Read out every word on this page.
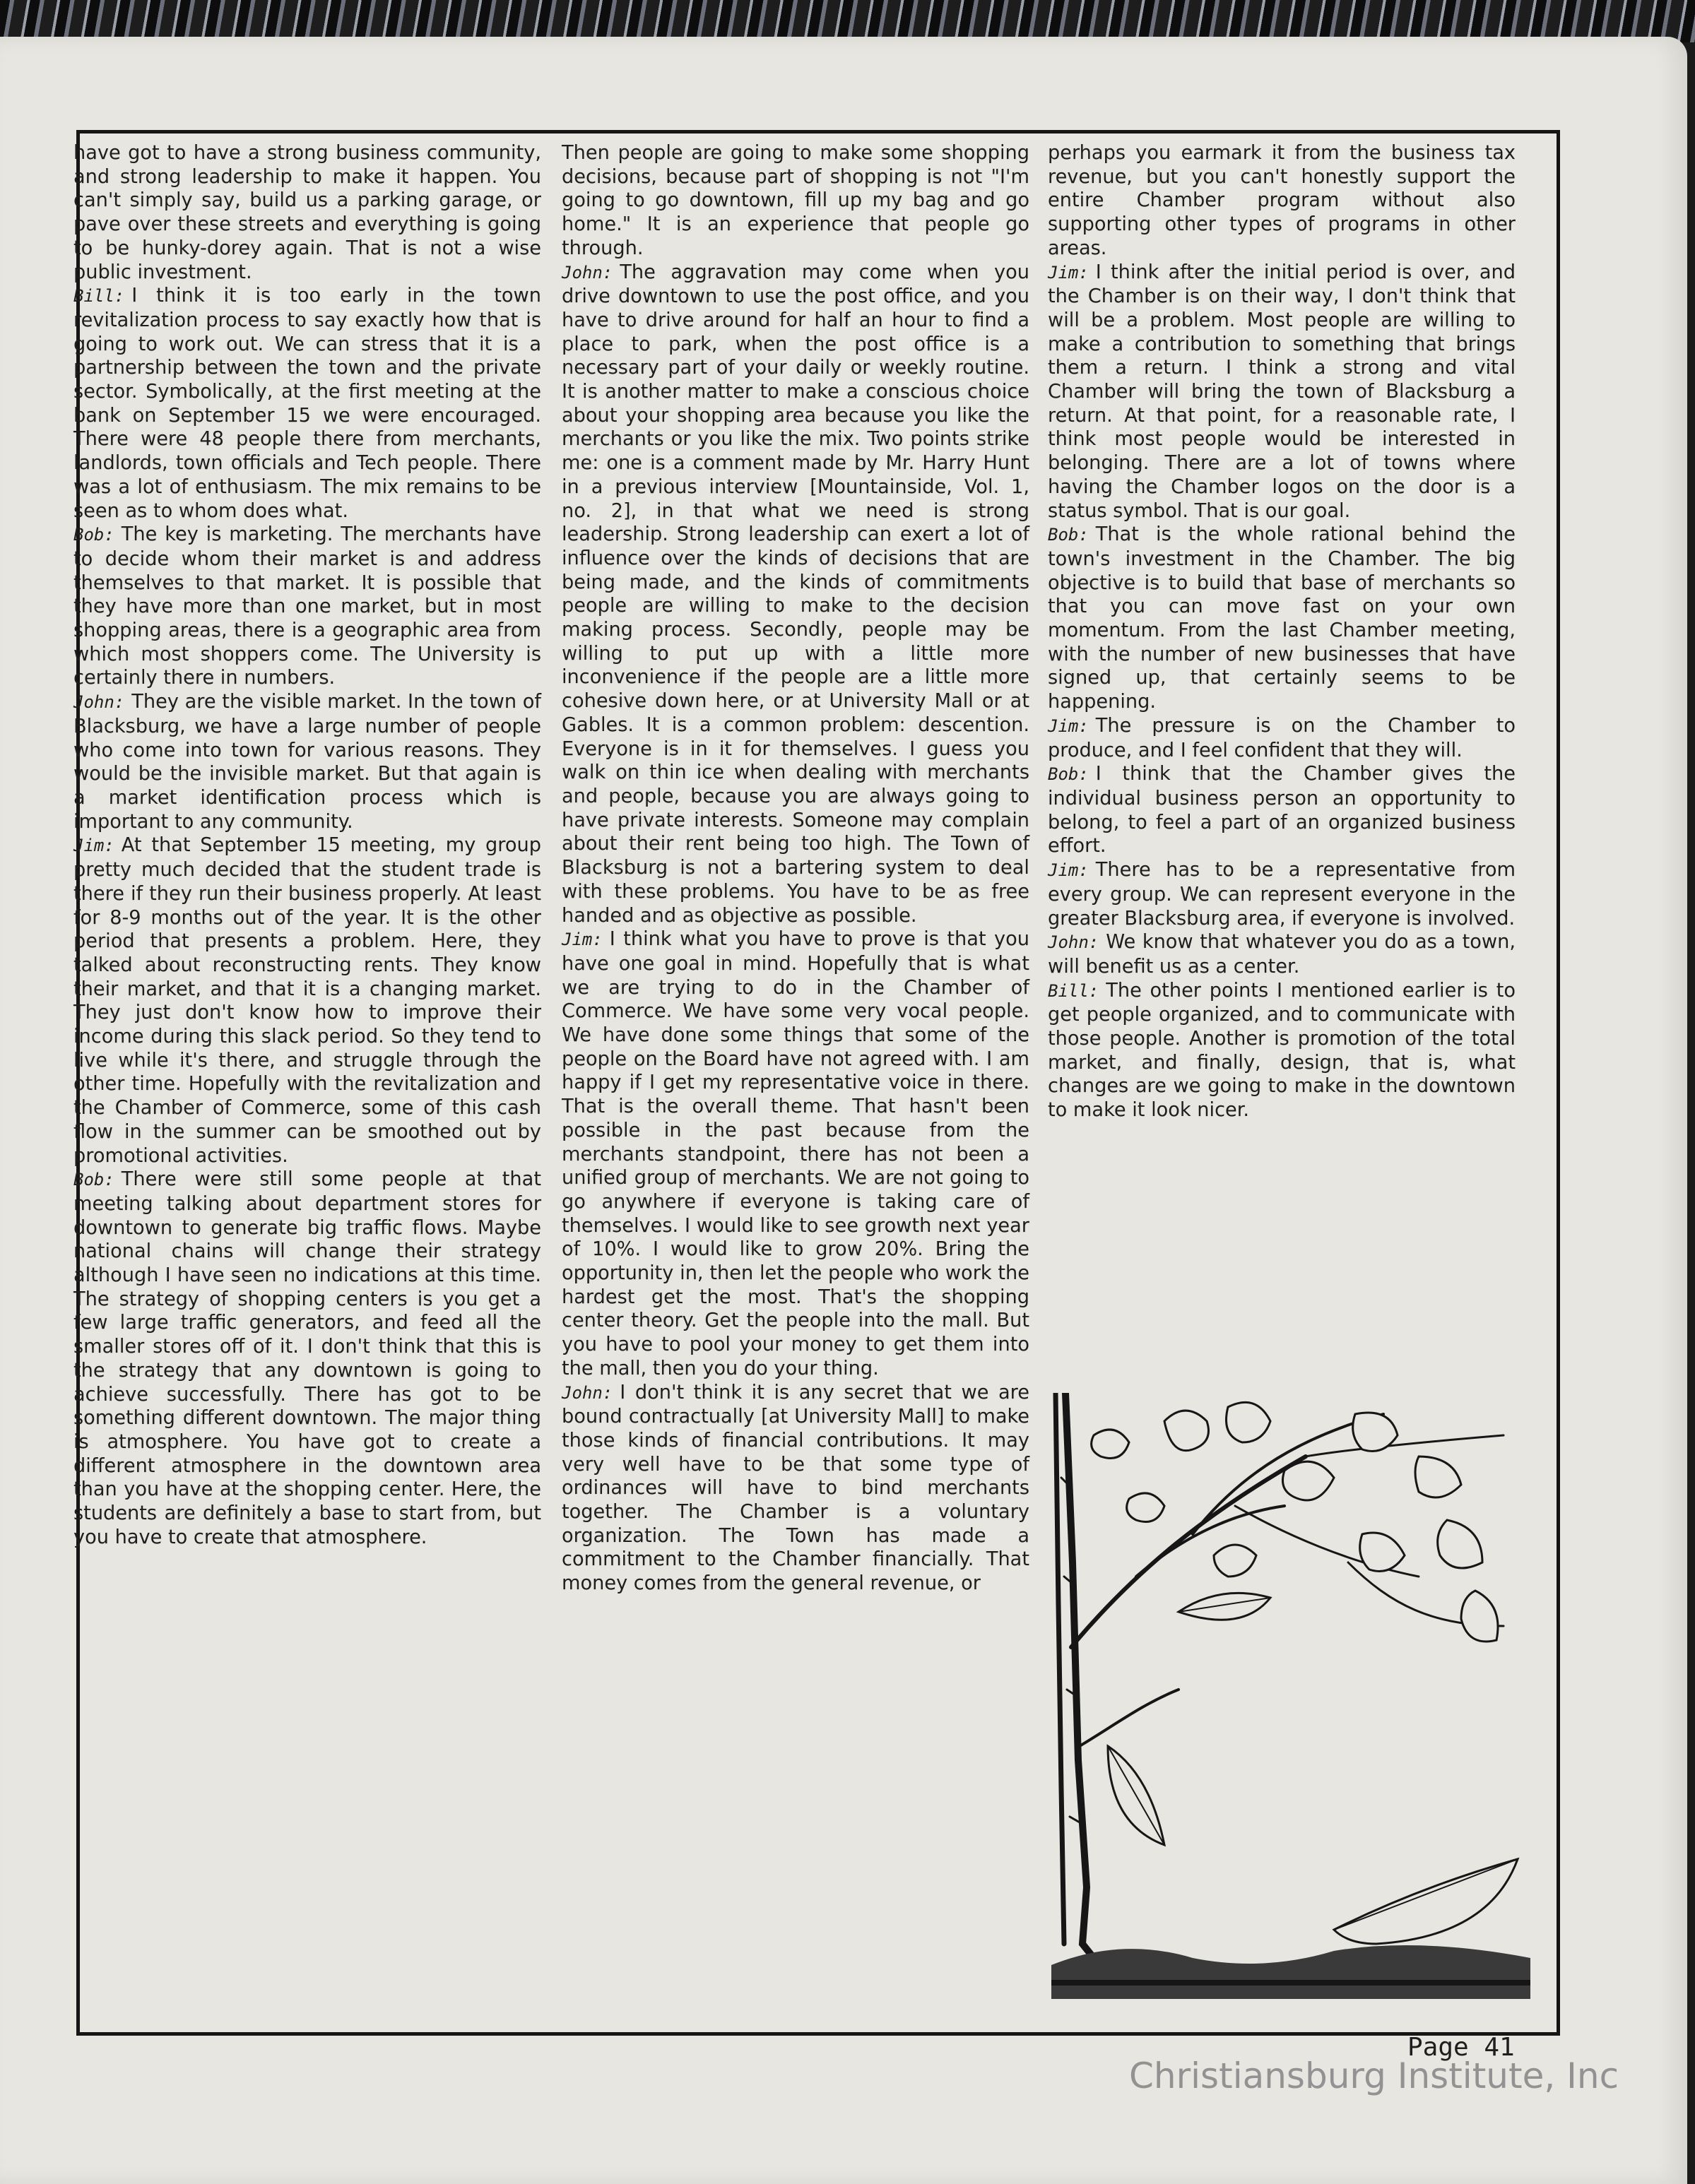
have got to have a strong business community, and strong leadership to make it happen. You can't simply say, build us a parking garage, or pave over these streets and everything is going to be hunky-dorey again. That is not a wise public investment.

Bill: I think it is too early in the town revitalization process to say exactly how that is going to work out. We can stress that it is a partnership between the town and the private sector. Symbolically, at the first meeting at the bank on September 15 we were encouraged. There were 48 people there from merchants, landlords, town officials and Tech people. There was a lot of enthusiasm. The mix remains to be seen as to whom does what.

Bob: The key is marketing. The merchants have to decide whom their market is and address themselves to that market. It is possible that they have more than one market, but in most shopping areas, there is a geographic area from which most shoppers come. The University is certainly there in numbers.

John: They are the visible market. In the town of Blacksburg, we have a large number of people who come into town for various reasons. They would be the invisible market. But that again is a market identification process which is important to any community.

Jim: At that September 15 meeting, my group pretty much decided that the student trade is there if they run their business properly. At least for 8-9 months out of the year. It is the other period that presents a problem. Here, they talked about reconstructing rents. They know their market, and that it is a changing market. They just don't know how to improve their income during this slack period. So they tend to live while it's there, and struggle through the other time. Hopefully with the revitalization and the Chamber of Commerce, some of this cash flow in the summer can be smoothed out by promotional activities.

Bob: There were still some people at that meeting talking about department stores for downtown to generate big traffic flows. Maybe national chains will change their strategy although I have seen no indications at this time. The strategy of shopping centers is you get a few large traffic generators, and feed all the smaller stores off of it. I don't think that this is the strategy that any downtown is going to achieve successfully. There has got to be something different downtown. The major thing is atmosphere. You have got to create a different atmosphere in the downtown area than you have at the shopping center. Here, the students are definitely a base to start from, but you have to create that atmosphere.

Then people are going to make some shopping decisions, because part of shopping is not "I'm going to go downtown, fill up my bag and go home." It is an experience that people go through.

John: The aggravation may come when you drive downtown to use the post office, and you have to drive around for half an hour to find a place to park, when the post office is a necessary part of your daily or weekly routine. It is another matter to make a conscious choice about your shopping area because you like the merchants or you like the mix. Two points strike me: one is a comment made by Mr. Harry Hunt in a previous interview [Mountainside, Vol. 1, no. 2], in that what we need is strong leadership. Strong leadership can exert a lot of influence over the kinds of decisions that are being made, and the kinds of commitments people are willing to make to the decision making process. Secondly, people may be willing to put up with a little more inconvenience if the people are a little more cohesive down here, or at University Mall or at Gables. It is a common problem: descention. Everyone is in it for themselves. I guess you walk on thin ice when dealing with merchants and people, because you are always going to have private interests. Someone may complain about their rent being too high. The Town of Blacksburg is not a bartering system to deal with these problems. You have to be as free handed and as objective as possible.

Jim: I think what you have to prove is that you have one goal in mind. Hopefully that is what we are trying to do in the Chamber of Commerce. We have some very vocal people. We have done some things that some of the people on the Board have not agreed with. I am happy if I get my representative voice in there. That is the overall theme. That hasn't been possible in the past because from the merchants standpoint, there has not been a unified group of merchants. We are not going to go anywhere if everyone is taking care of themselves. I would like to see growth next year of 10%. I would like to grow 20%. Bring the opportunity in, then let the people who work the hardest get the most. That's the shopping center theory. Get the people into the mall. But you have to pool your money to get them into the mall, then you do your thing.

John: I don't think it is any secret that we are bound contractually [at University Mall] to make those kinds of financial contributions. It may very well have to be that some type of ordinances will have to bind merchants together. The Chamber is a voluntary organization. The Town has made a commitment to the Chamber financially. That money comes from the general revenue, or

perhaps you earmark it from the business tax revenue, but you can't honestly support the entire Chamber program without also supporting other types of programs in other areas.

Jim: I think after the initial period is over, and the Chamber is on their way, I don't think that will be a problem. Most people are willing to make a contribution to something that brings them a return. I think a strong and vital Chamber will bring the town of Blacksburg a return. At that point, for a reasonable rate, I think most people would be interested in belonging. There are a lot of towns where having the Chamber logos on the door is a status symbol. That is our goal.

Bob: That is the whole rational behind the town's investment in the Chamber. The big objective is to build that base of merchants so that you can move fast on your own momentum. From the last Chamber meeting, with the number of new businesses that have signed up, that certainly seems to be happening.

Jim: The pressure is on the Chamber to produce, and I feel confident that they will.

Bob: I think that the Chamber gives the individual business person an opportunity to belong, to feel a part of an organized business effort.

Jim: There has to be a representative from every group. We can represent everyone in the greater Blacksburg area, if everyone is involved.

John: We know that whatever you do as a town, will benefit us as a center.

Bill: The other points I mentioned earlier is to get people organized, and to communicate with those people. Another is promotion of the total market, and finally, design, that is, what changes are we going to make in the downtown to make it look nicer.

Page 41
Christiansburg Institute, Inc
